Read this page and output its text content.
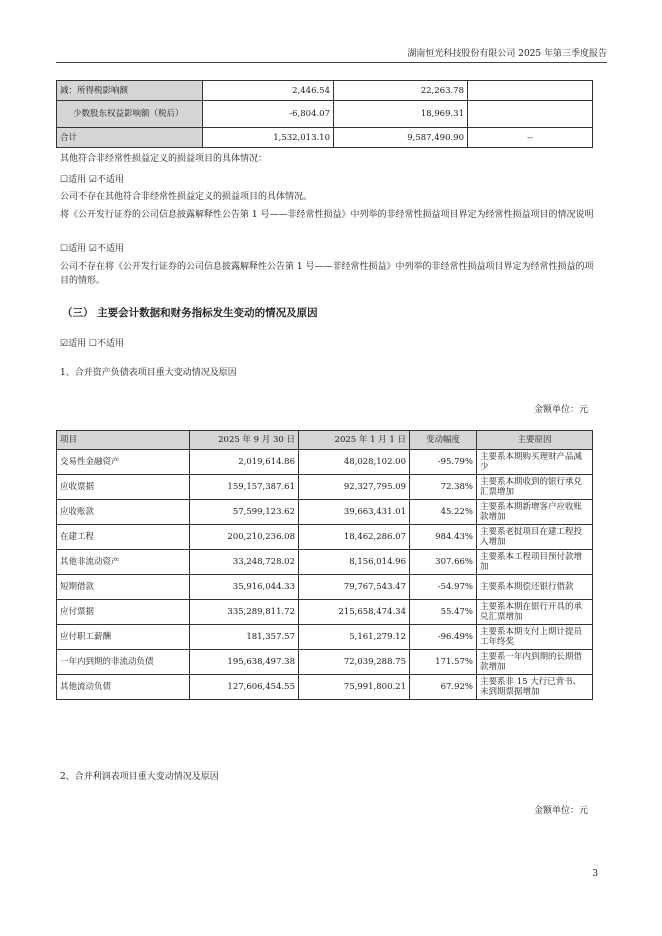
湖南恒光科技股份有限公司 2025 年第三季度报告
减：所得税影响额	2,446.54	22,263.78	
少数股东权益影响额（税后）	-6,804.07	18,969.31	
合计	1,532,013.10	9,587,490.90	--
其他符合非经常性损益定义的损益项目的具体情况：
☐适用 ☑不适用
公司不存在其他符合非经常性损益定义的损益项目的具体情况。
将《公开发行证券的公司信息披露解释性公告第 1 号——非经常性损益》中列举的非经常性损益项目界定为经常性损益项目的情况说明
☐适用 ☑不适用
公司不存在将《公开发行证券的公司信息披露解释性公告第 1 号——非经常性损益》中列举的非经常性损益项目界定为经常性损益的项目的情形。
（三） 主要会计数据和财务指标发生变动的情况及原因
☑适用 ☐不适用
1、合并资产负债表项目重大变动情况及原因
金额单位：元
项目	2025 年 9 月 30 日	2025 年 1 月 1 日	变动幅度	主要原因
交易性金融资产	2,019,614.86	48,028,102.00	-95.79%	主要系本期购买理财产品减少
应收票据	159,157,387.61	92,327,795.09	72.38%	主要系本期收到的银行承兑汇票增加
应收账款	57,599,123.62	39,663,431.01	45.22%	主要系本期新增客户应收账款增加
在建工程	200,210,236.08	18,462,286.07	984.43%	主要系老挝项目在建工程投入增加
其他非流动资产	33,248,728.02	8,156,014.96	307.66%	主要系本工程项目预付款增加
短期借款	35,916,044.33	79,767,543.47	-54.97%	主要系本期偿还银行借款
应付票据	335,289,811.72	215,658,474.34	55.47%	主要系本期在银行开具的承兑汇票增加
应付职工薪酬	181,357.57	5,161,279.12	-96.49%	主要系本期支付上期计提员工年终奖
一年内到期的非流动负债	195,638,497.38	72,039,288.75	171.57%	主要系一年内到期的长期借款增加
其他流动负债	127,606,454.55	75,991,800.21	67.92%	主要系非 15 大行已背书、未到期票据增加
2、合并利润表项目重大变动情况及原因
金额单位：元
3
